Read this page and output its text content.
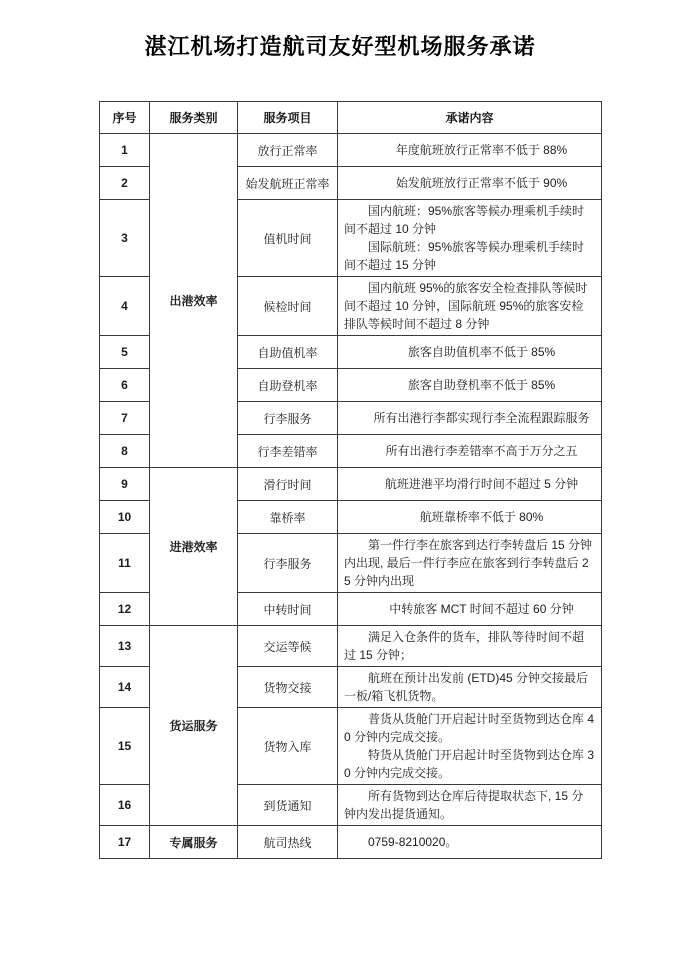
湛江机场打造航司友好型机场服务承诺
序号	服务类别	服务项目	承诺内容
1	出港效率	放行正常率	年度航班放行正常率不低于 88%

2		始发航班正常率	始发航班放行正常率不低于 90%

3		值机时间	国内航班：95%旅客等候办理乘机手续时间不超过 10 分钟

国际航班：95%旅客等候办理乘机手续时间不超过 15 分钟

4		候检时间	国内航班 95%的旅客安全检查排队等候时间不超过 10 分钟，国际航班 95%的旅客安检排队等候时间不超过 8 分钟

5		自助值机率	旅客自助值机率不低于 85%

6		自助登机率	旅客自助登机率不低于 85%

7		行李服务	所有出港行李都实现行李全流程跟踪服务

8		行李差错率	所有出港行李差错率不高于万分之五

9	进港效率	滑行时间	航班进港平均滑行时间不超过 5 分钟

10		靠桥率	航班靠桥率不低于 80%

11		行李服务	第一件行李在旅客到达行李转盘后 15 分钟内出现, 最后一件行李应在旅客到行李转盘后 25 分钟内出现

12		中转时间	中转旅客 MCT 时间不超过 60 分钟

13	货运服务	交运等候	满足入仓条件的货车，排队等待时间不超过 15 分钟；

14		货物交接	航班在预计出发前 (ETD)45 分钟交接最后一板/箱飞机货物。

15		货物入库	普货从货舱门开启起计时至货物到达仓库 40 分钟内完成交接。

特货从货舱门开启起计时至货物到达仓库 30 分钟内完成交接。

16		到货通知	所有货物到达仓库后待提取状态下, 15 分钟内发出提货通知。

17	专属服务	航司热线	0759-8210020。
